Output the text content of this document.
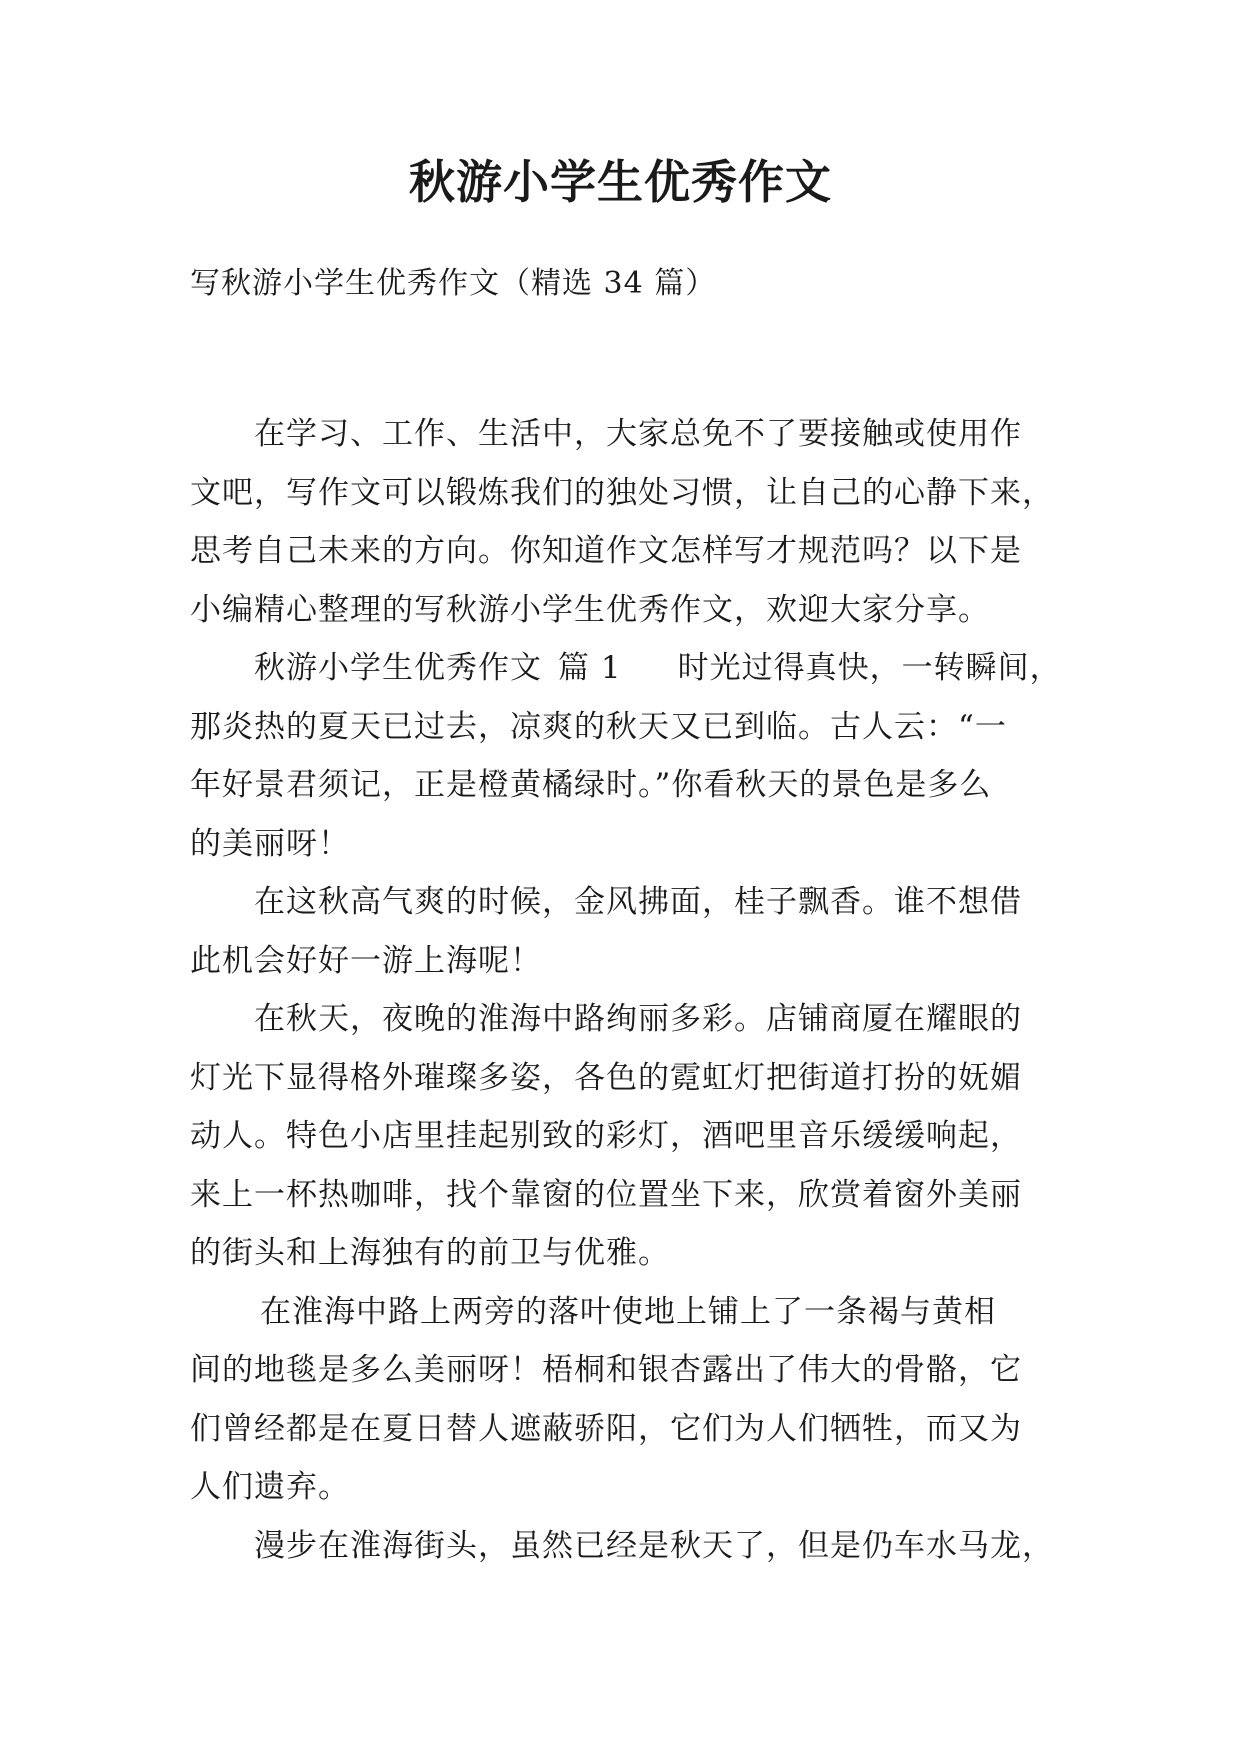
秋游小学生优秀作文

写秋游小学生优秀作文（精选 34 篇）

在学习、工作、生活中，大家总免不了要接触或使用作
文吧，写作文可以锻炼我们的独处习惯，让自己的心静下来，
思考自己未来的方向。你知道作文怎样写才规范吗？以下是
小编精心整理的写秋游小学生优秀作文，欢迎大家分享。
秋游小学生优秀作文 篇 1 时光过得真快，一转瞬间，
那炎热的夏天已过去，凉爽的秋天又已到临。古人云：“一
年好景君须记，正是橙黄橘绿时。”你看秋天的景色是多么
的美丽呀！
在这秋高气爽的时候，金风拂面，桂子飘香。谁不想借
此机会好好一游上海呢！
在秋天，夜晚的淮海中路绚丽多彩。店铺商厦在耀眼的
灯光下显得格外璀璨多姿，各色的霓虹灯把街道打扮的妩媚
动人。特色小店里挂起别致的彩灯，酒吧里音乐缓缓响起，
来上一杯热咖啡，找个靠窗的位置坐下来，欣赏着窗外美丽
的街头和上海独有的前卫与优雅。
在淮海中路上两旁的落叶使地上铺上了一条褐与黄相
间的地毯是多么美丽呀！梧桐和银杏露出了伟大的骨骼，它
们曾经都是在夏日替人遮蔽骄阳，它们为人们牺牲，而又为
人们遗弃。
漫步在淮海街头，虽然已经是秋天了，但是仍车水马龙，
